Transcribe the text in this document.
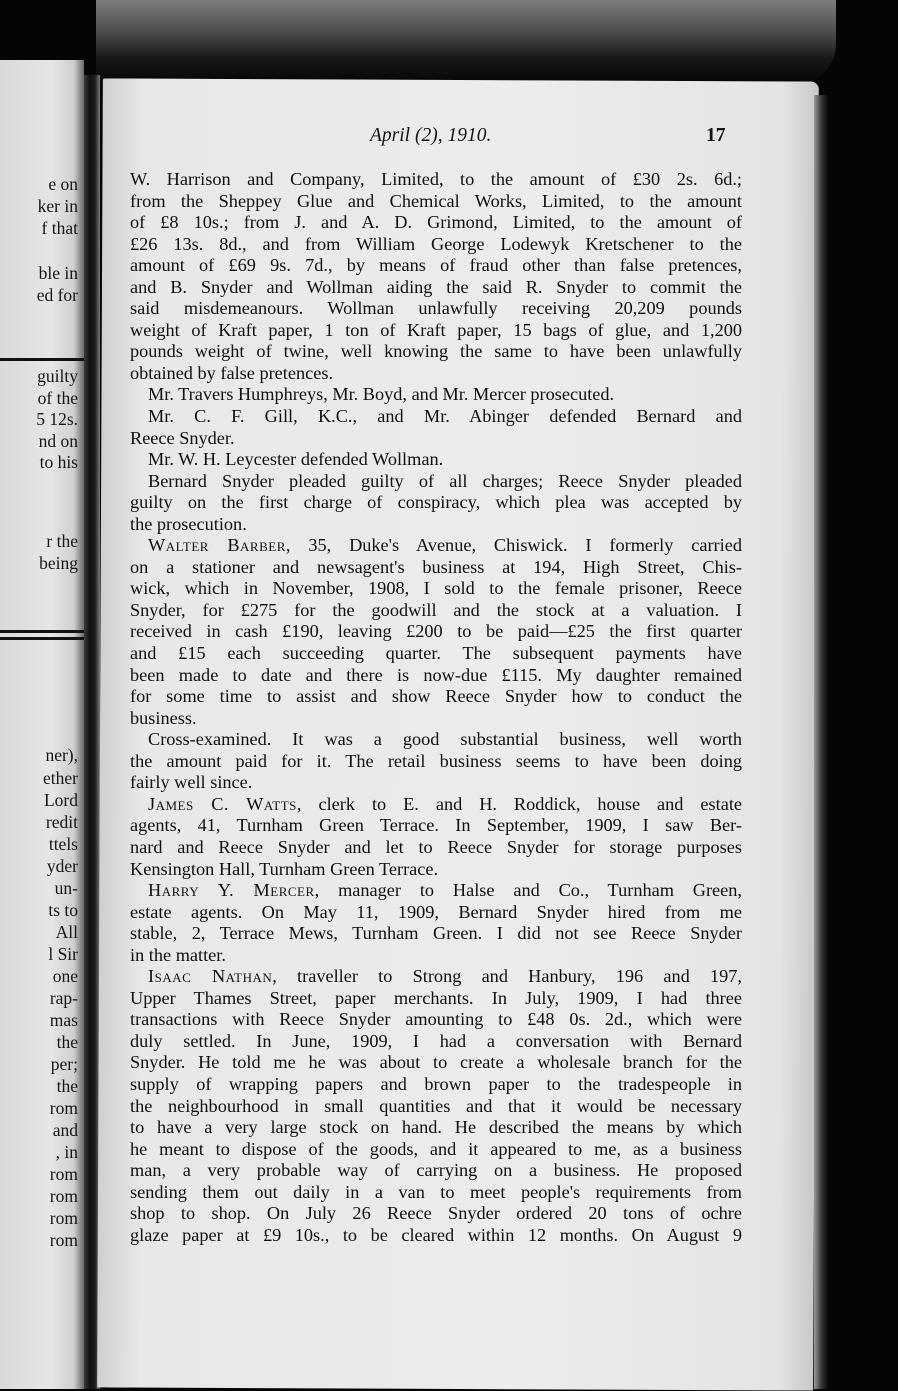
e on
ker in
f that
ble in
ed for
guilty
of the
5 12s.
nd on
to his
r the
being
ner),
ether
Lord
redit
ttels
yder
un-
ts to
All
l Sir
one
rap-
mas
the
per;
the
rom
and
, in
rom
rom
rom
rom
April (2), 1910.	17
W. Harrison and Company, Limited, to the amount of £30 2s. 6d.;
from the Sheppey Glue and Chemical Works, Limited, to the amount
of £8 10s.; from J. and A. D. Grimond, Limited, to the amount of
£26 13s. 8d., and from William George Lodewyk Kretschener to the
amount of £69 9s. 7d., by means of fraud other than false pretences,
and B. Snyder and Wollman aiding the said R. Snyder to commit the
said misdemeanours. Wollman unlawfully receiving 20,209 pounds
weight of Kraft paper, 1 ton of Kraft paper, 15 bags of glue, and 1,200
pounds weight of twine, well knowing the same to have been unlawfully
obtained by false pretences.
Mr. Travers Humphreys, Mr. Boyd, and Mr. Mercer prosecuted.
Mr. C. F. Gill, K.C., and Mr. Abinger defended Bernard and
Reece Snyder.
Mr. W. H. Leycester defended Wollman.
Bernard Snyder pleaded guilty of all charges; Reece Snyder pleaded
guilty on the first charge of conspiracy, which plea was accepted by
the prosecution.
Walter Barber, 35, Duke's Avenue, Chiswick. I formerly carried
on a stationer and newsagent's business at 194, High Street, Chis-
wick, which in November, 1908, I sold to the female prisoner, Reece
Snyder, for £275 for the goodwill and the stock at a valuation. I
received in cash £190, leaving £200 to be paid—£25 the first quarter
and £15 each succeeding quarter. The subsequent payments have
been made to date and there is now-due £115. My daughter remained
for some time to assist and show Reece Snyder how to conduct the
business.
Cross-examined. It was a good substantial business, well worth
the amount paid for it. The retail business seems to have been doing
fairly well since.
James C. Watts, clerk to E. and H. Roddick, house and estate
agents, 41, Turnham Green Terrace. In September, 1909, I saw Ber-
nard and Reece Snyder and let to Reece Snyder for storage purposes
Kensington Hall, Turnham Green Terrace.
Harry Y. Mercer, manager to Halse and Co., Turnham Green,
estate agents. On May 11, 1909, Bernard Snyder hired from me
stable, 2, Terrace Mews, Turnham Green. I did not see Reece Snyder
in the matter.
Isaac Nathan, traveller to Strong and Hanbury, 196 and 197,
Upper Thames Street, paper merchants. In July, 1909, I had three
transactions with Reece Snyder amounting to £48 0s. 2d., which were
duly settled. In June, 1909, I had a conversation with Bernard
Snyder. He told me he was about to create a wholesale branch for the
supply of wrapping papers and brown paper to the tradespeople in
the neighbourhood in small quantities and that it would be necessary
to have a very large stock on hand. He described the means by which
he meant to dispose of the goods, and it appeared to me, as a business
man, a very probable way of carrying on a business. He proposed
sending them out daily in a van to meet people's requirements from
shop to shop. On July 26 Reece Snyder ordered 20 tons of ochre
glaze paper at £9 10s., to be cleared within 12 months. On August 9
